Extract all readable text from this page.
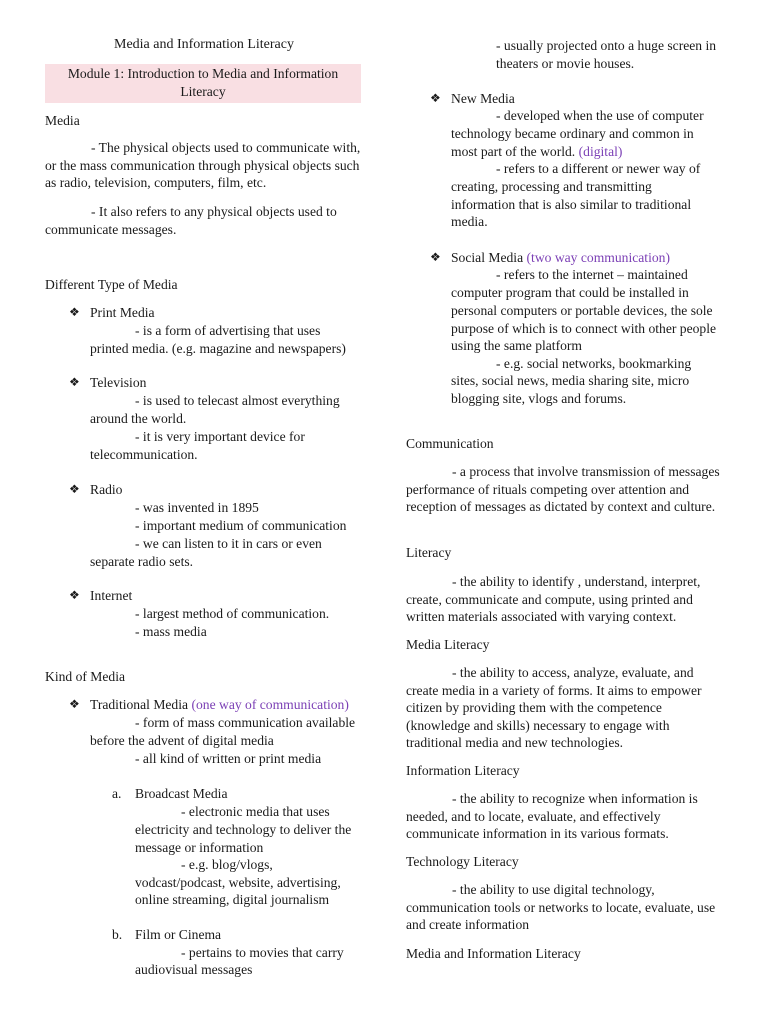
Media and Information Literacy
Module 1: Introduction to Media and Information Literacy
Media

- The physical objects used to communicate with, or the mass communication through physical objects such as radio, television, computers, film, etc.

- It also refers to any physical objects used to communicate messages.

Different Type of Media
❖ Print Media
- is a form of advertising that uses
printed media. (e.g. magazine and newspapers)
❖ Television
- is used to telecast almost everything
around the world.
- it is very important device for
telecommunication.
❖ Radio
- was invented in 1895
- important medium of communication
- we can listen to it in cars or even
separate radio sets.
❖ Internet
- largest method of communication.
- mass media
Kind of Media
❖ Traditional Media (one way of communication)
- form of mass communication available
before the advent of digital media
- all kind of written or print media
a. Broadcast Media
- electronic media that uses
electricity and technology to deliver the
message or information
- e.g. blog/vlogs,
vodcast/podcast, website, advertising,
online streaming, digital journalism
b. Film or Cinema
- pertains to movies that carry
audiovisual messages
- usually projected onto a huge screen in
theaters or movie houses.
❖ New Media
- developed when the use of computer
technology became ordinary and common in
most part of the world. (digital)
- refers to a different or newer way of
creating, processing and transmitting
information that is also similar to traditional
media.
❖ Social Media (two way communication)
- refers to the internet – maintained
computer program that could be installed in
personal computers or portable devices, the sole
purpose of which is to connect with other people
using the same platform
- e.g. social networks, bookmarking
sites, social news, media sharing site, micro
blogging site, vlogs and forums.
Communication

- a process that involve transmission of messages performance of rituals competing over attention and reception of messages as dictated by context and culture.

Literacy

- the ability to identify , understand, interpret, create, communicate and compute, using printed and written materials associated with varying context.

Media Literacy

- the ability to access, analyze, evaluate, and create media in a variety of forms. It aims to empower citizen by providing them with the competence (knowledge and skills) necessary to engage with traditional media and new technologies.

Information Literacy

- the ability to recognize when information is needed, and to locate, evaluate, and effectively communicate information in its various formats.

Technology Literacy

- the ability to use digital technology, communication tools or networks to locate, evaluate, use and create information

Media and Information Literacy
